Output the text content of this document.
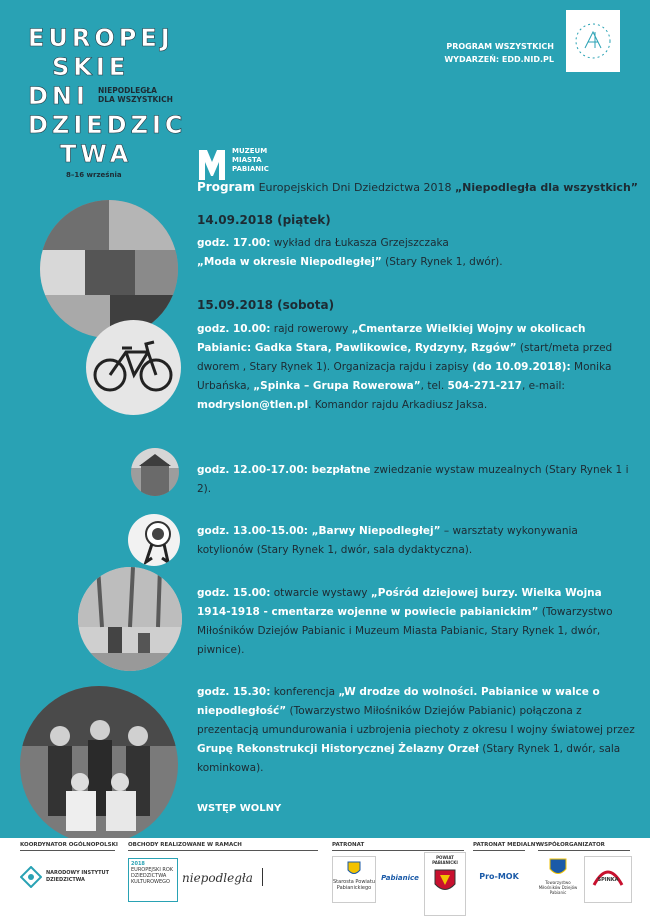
EUROPEJ
SKIE
DNI
DZIEDZIC
TWA
NIEPODLEGŁA
DLA WSZYSTKICH
8–16 września
PROGRAM WSZYSTKICH
WYDARZEŃ: EDD.NID.PL
MUZEUM
MIASTA
PABIANIC
Program Europejskich Dni Dziedzictwa 2018 „Niepodległa dla wszystkich”
14.09.2018 (piątek)
15.09.2018 (sobota)
godz. 17.00: wykład dra Łukasza Grzejszczaka
„Moda w okresie Niepodległej” (Stary Rynek 1, dwór).
godz. 10.00: rajd rowerowy „Cmentarze Wielkiej Wojny w okolicach Pabianic: Gadka Stara, Pawlikowice, Rydzyny, Rzgów” (start/meta przed dworem , Stary Rynek 1). Organizacja rajdu i zapisy (do 10.09.2018): Monika Urbańska, „Spinka – Grupa Rowerowa”, tel. 504-271-217, e-mail: modryslon@tlen.pl. Komandor rajdu Arkadiusz Jaksa.
godz. 12.00-17.00: bezpłatne zwiedzanie wystaw muzealnych (Stary Rynek 1 i 2).
godz. 13.00-15.00: „Barwy Niepodległej” – warsztaty wykonywania kotylionów (Stary Rynek 1, dwór, sala dydaktyczna).
godz. 15.00: otwarcie wystawy „Pośród dziejowej burzy. Wielka Wojna 1914-1918 - cmentarze wojenne w powiecie pabianickim” (Towarzystwo Miłośników Dziejów Pabianic i Muzeum Miasta Pabianic, Stary Rynek 1, dwór, piwnice).
godz. 15.30: konferencja „W drodze do wolności. Pabianice w walce o niepodległość” (Towarzystwo Miłośników Dziejów Pabianic) połączona z prezentacją umundurowania i uzbrojenia piechoty z okresu I wojny światowej przez Grupę Rekonstrukcji Historycznej Żelazny Orzeł (Stary Rynek 1, dwór, sala kominkowa).
WSTĘP WOLNY
KOORDYNATOR OGÓLNOPOLSKI OBCHODY REALIZOWANE W RAMACH	PATRONAT	PATRONAT MEDIALNY
WSPÓŁORGANIZATOR
NARODOWY INSTYTUT
DZIEDZICTWA
2018
EUROPEJSKI ROK
DZIEDZICTWA
KULTUROWEGO	niepodległa	Starosta Powiatu Pabianickiego
Pabianice
POWIAT PABIANICKI
Pro-MOK
Towarzystwo Miłośników Dziejów Pabianic
SPINKA
